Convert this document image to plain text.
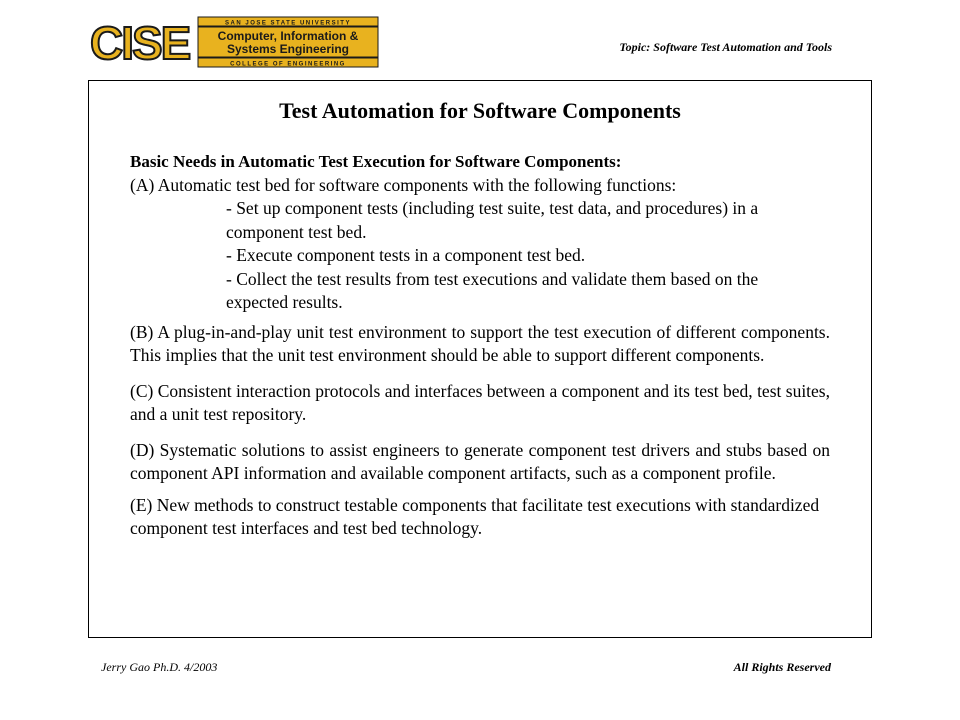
CISE	SAN JOSE STATE UNIVERSITY
Computer, Information &
Systems Engineering
COLLEGE OF ENGINEERING
Topic: Software Test Automation and Tools
Test Automation for Software Components

Basic Needs in Automatic Test Execution for Software Components:

(A) Automatic test bed for software components with the following functions:

- Set up component tests (including test suite, test data, and procedures) in a component test bed.

- Execute component tests in a component test bed.

- Collect the test results from test executions and validate them based on the expected results.

(B) A plug-in-and-play unit test environment to support the test execution of different components. This implies that the unit test environment should be able to support different components.

(C) Consistent interaction protocols and interfaces between a component and its test bed, test suites, and a unit test repository.

(D) Systematic solutions to assist engineers to generate component test drivers and stubs based on component API information and available component artifacts, such as a component profile.

(E) New methods to construct testable components that facilitate test executions with standardized component test interfaces and test bed technology.

Jerry Gao Ph.D. 4/2003	All Rights Reserved
